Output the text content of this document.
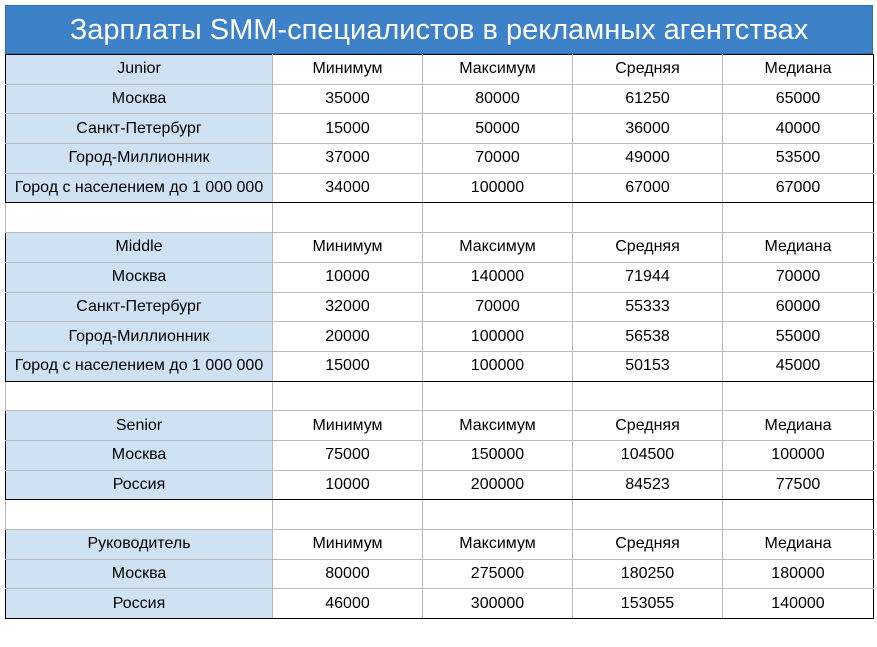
Зарплаты SMM-специалистов в рекламных агентствах
Junior	Минимум	Максимум	Средняя	Медиана
Москва	35000	80000	61250	65000
Санкт-Петербург	15000	50000	36000	40000
Город-Миллионник	37000	70000	49000	53500
Город с населением до 1 000 000	34000	100000	67000	67000

Middle	Минимум	Максимум	Средняя	Медиана
Москва	10000	140000	71944	70000
Санкт-Петербург	32000	70000	55333	60000
Город-Миллионник	20000	100000	56538	55000
Город с населением до 1 000 000	15000	100000	50153	45000

Senior	Минимум	Максимум	Средняя	Медиана
Москва	75000	150000	104500	100000
Россия	10000	200000	84523	77500

Руководитель	Минимум	Максимум	Средняя	Медиана
Москва	80000	275000	180250	180000
Россия	46000	300000	153055	140000
